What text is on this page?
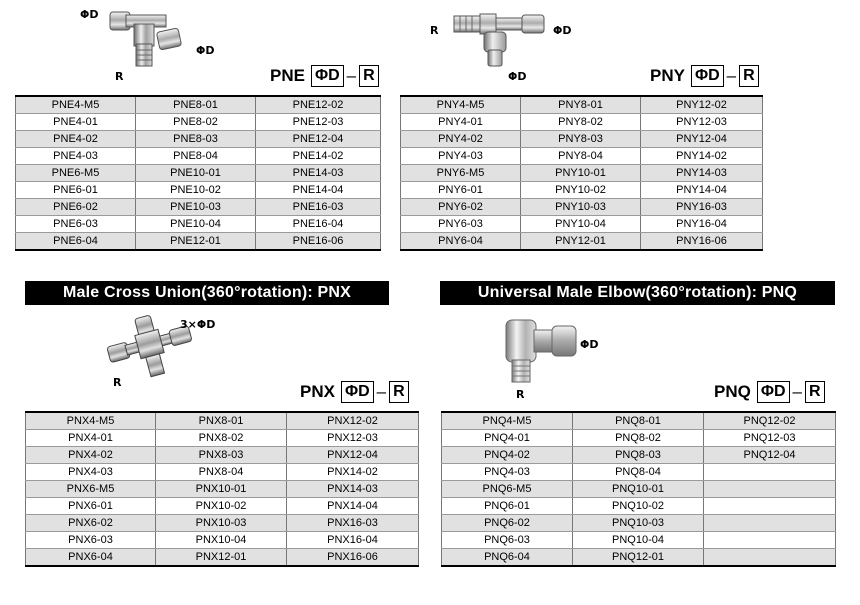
ΦD
ΦD
R	PNE ΦD – R
PNE4-M5	PNE8-01	PNE12-02
PNE4-01	PNE8-02	PNE12-03
PNE4-02	PNE8-03	PNE12-04
PNE4-03	PNE8-04	PNE14-02
PNE6-M5	PNE10-01	PNE14-03
PNE6-01	PNE10-02	PNE14-04
PNE6-02	PNE10-03	PNE16-03
PNE6-03	PNE10-04	PNE16-04
PNE6-04	PNE12-01	PNE16-06
R	ΦD
ΦD	PNY ΦD – R
PNY4-M5	PNY8-01	PNY12-02
PNY4-01	PNY8-02	PNY12-03
PNY4-02	PNY8-03	PNY12-04
PNY4-03	PNY8-04	PNY14-02
PNY6-M5	PNY10-01	PNY14-03
PNY6-01	PNY10-02	PNY14-04
PNY6-02	PNY10-03	PNY16-03
PNY6-03	PNY10-04	PNY16-04
PNY6-04	PNY12-01	PNY16-06
Male Cross Union(360°rotation): PNX
3×ΦD
R	PNX ΦD – R
PNX4-M5	PNX8-01	PNX12-02
PNX4-01	PNX8-02	PNX12-03
PNX4-02	PNX8-03	PNX12-04
PNX4-03	PNX8-04	PNX14-02
PNX6-M5	PNX10-01	PNX14-03
PNX6-01	PNX10-02	PNX14-04
PNX6-02	PNX10-03	PNX16-03
PNX6-03	PNX10-04	PNX16-04
PNX6-04	PNX12-01	PNX16-06
Universal Male Elbow(360°rotation): PNQ
ΦD
R	PNQ ΦD – R
PNQ4-M5	PNQ8-01	PNQ12-02
PNQ4-01	PNQ8-02	PNQ12-03
PNQ4-02	PNQ8-03	PNQ12-04
PNQ4-03	PNQ8-04	
PNQ6-M5	PNQ10-01	
PNQ6-01	PNQ10-02	
PNQ6-02	PNQ10-03	
PNQ6-03	PNQ10-04	
PNQ6-04	PNQ12-01	
